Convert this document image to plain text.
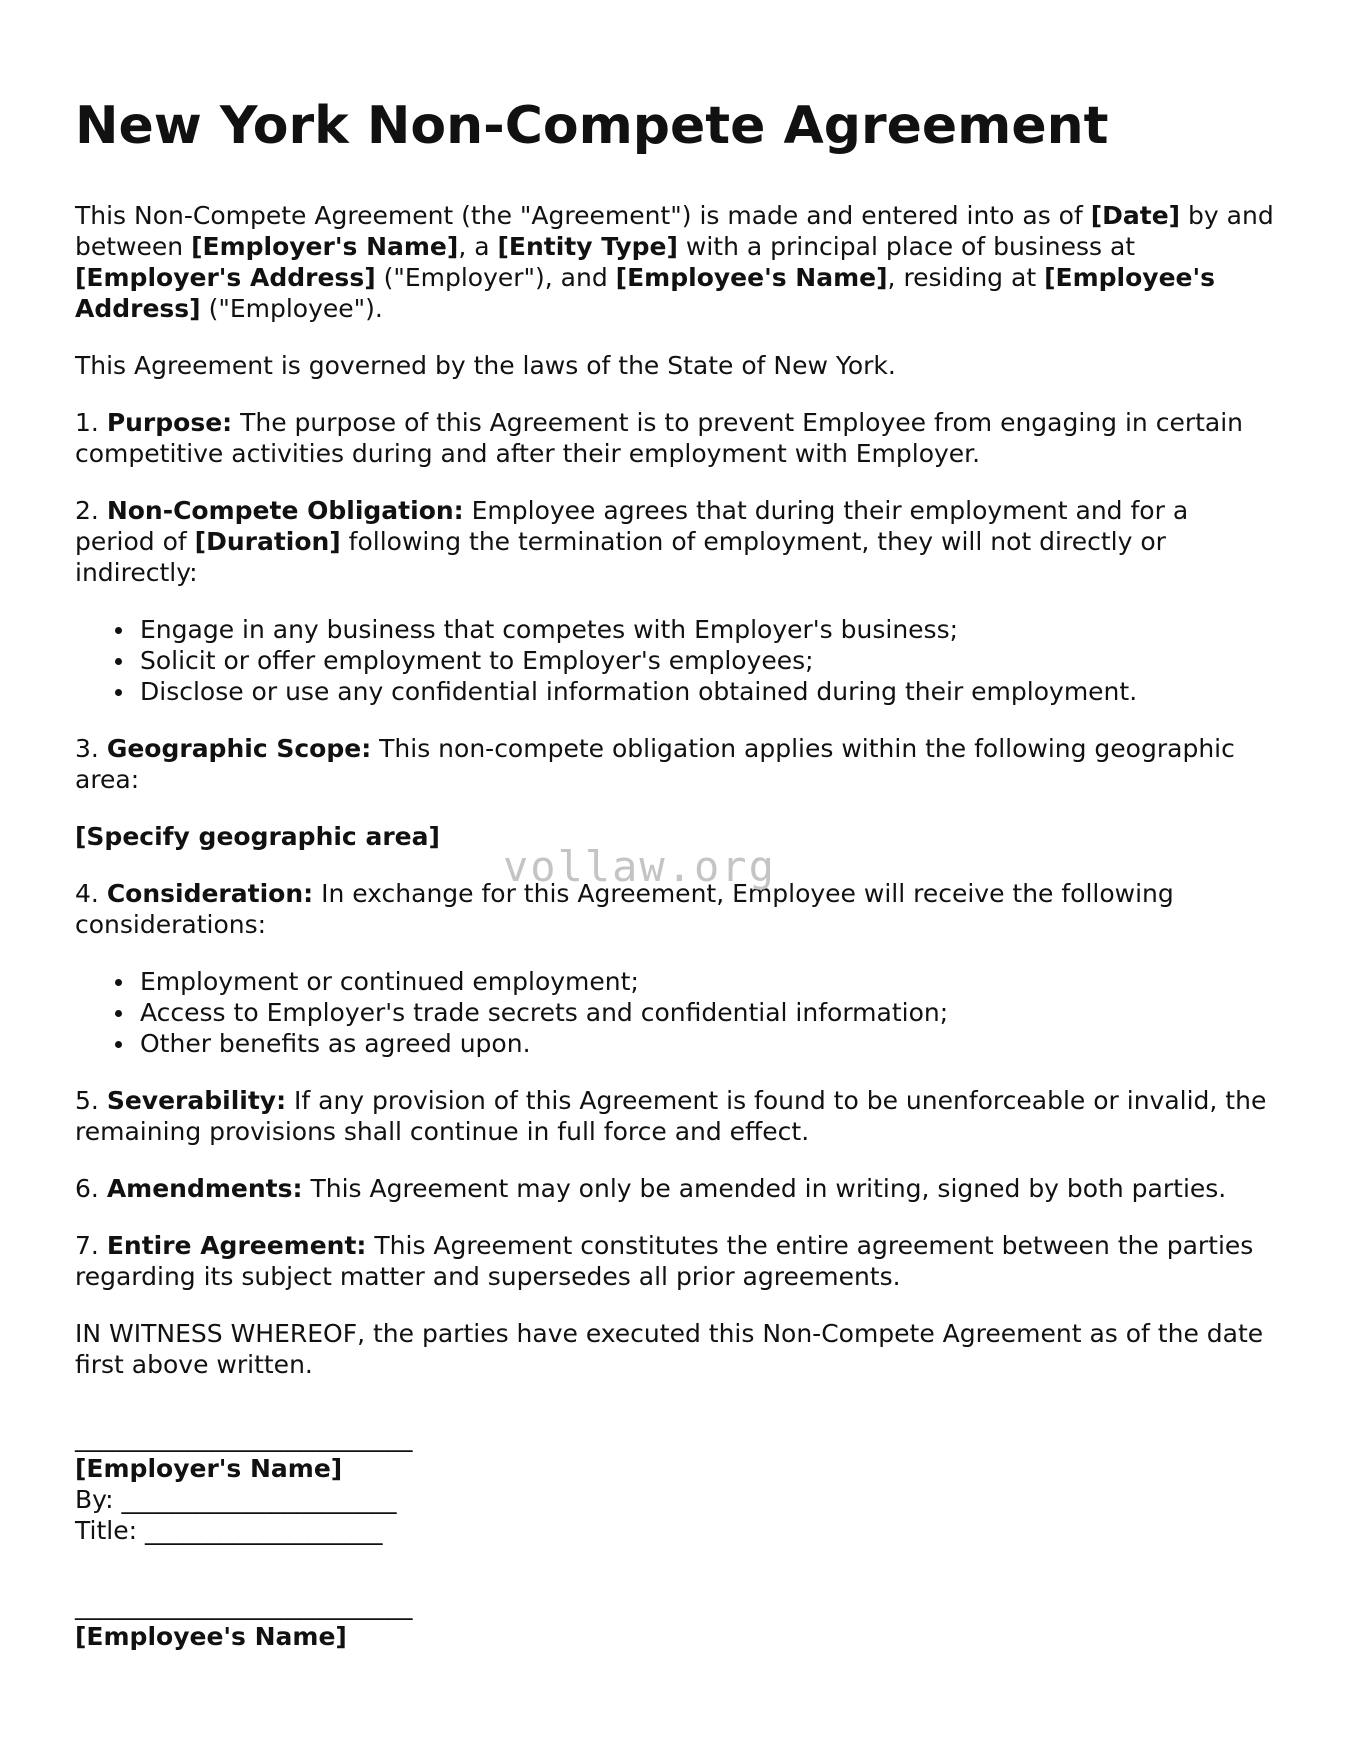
New York Non-Compete Agreement

This Non-Compete Agreement (the "Agreement") is made and entered into as of [Date] by and between [Employer's Name], a [Entity Type] with a principal place of business at [Employer's Address] ("Employer"), and [Employee's Name], residing at [Employee's Address] ("Employee").

This Agreement is governed by the laws of the State of New York.

1. Purpose: The purpose of this Agreement is to prevent Employee from engaging in certain competitive activities during and after their employment with Employer.

2. Non-Compete Obligation: Employee agrees that during their employment and for a period of [Duration] following the termination of employment, they will not directly or indirectly:

Engage in any business that competes with Employer's business;
Solicit or offer employment to Employer's employees;
Disclose or use any confidential information obtained during their employment.

3. Geographic Scope: This non-compete obligation applies within the following geographic area:

[Specify geographic area]

4. Consideration: In exchange for this Agreement, Employee will receive the following considerations:

Employment or continued employment;
Access to Employer's trade secrets and confidential information;
Other benefits as agreed upon.

5. Severability: If any provision of this Agreement is found to be unenforceable or invalid, the remaining provisions shall continue in full force and effect.

6. Amendments: This Agreement may only be amended in writing, signed by both parties.

7. Entire Agreement: This Agreement constitutes the entire agreement between the parties regarding its subject matter and supersedes all prior agreements.

IN WITNESS WHEREOF, the parties have executed this Non-Compete Agreement as of the date first above written.

___________________________
[Employer's Name]
By: ______________________
Title: ___________________
___________________________
[Employee's Name]
vollaw.org
